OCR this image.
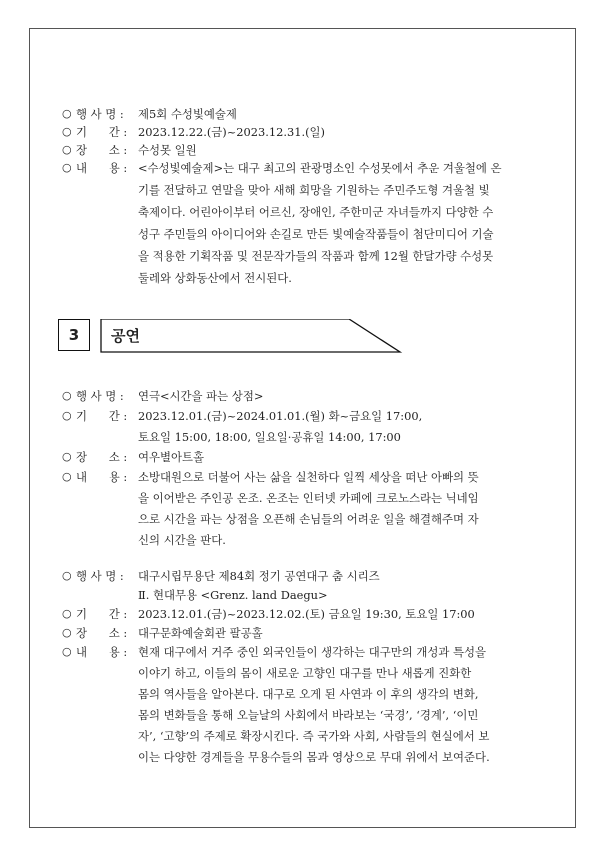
○ 행 사 명 : 제5회 수성빛예술제
○ 기      간 : 2023.12.22.(금)~2023.12.31.(일)
○ 장      소 : 수성못 일원
○ 내      용 : <수성빛예술제>는 대구 최고의 관광명소인 수성못에서 추운 겨울철에 온
기를 전달하고 연말을 맞아 새해 희망을 기원하는 주민주도형 겨울철 빛
축제이다. 어린아이부터 어르신, 장애인, 주한미군 자녀들까지 다양한 수
성구 주민들의 아이디어와 손길로 만든 빛예술작품들이 첨단미디어 기술
을 적용한 기획작품 및 전문작가들의 작품과 함께 12월 한달가량 수성못
둘레와 상화동산에서 전시된다.
3	공연
○ 행 사 명 : 연극<시간을 파는 상점>
○ 기      간 : 2023.12.01.(금)~2024.01.01.(월) 화~금요일 17:00,
토요일 15:00, 18:00, 일요일·공휴일 14:00, 17:00
○ 장      소 : 여우별아트홀
○ 내      용 : 소방대원으로 더불어 사는 삶을 실천하다 일찍 세상을 떠난 아빠의 뜻
을 이어받은 주인공 온조. 온조는 인터넷 카페에 크로노스라는 닉네임
으로 시간을 파는 상점을 오픈해 손님들의 어려운 일을 해결해주며 자
신의 시간을 판다.
○ 행 사 명 : 대구시립무용단 제84회 정기 공연대구 춤 시리즈
Ⅱ. 현대무용 <Grenz. land Daegu>
○ 기      간 : 2023.12.01.(금)~2023.12.02.(토) 금요일 19:30, 토요일 17:00
○ 장      소 : 대구문화예술회관 팔공홀
○ 내      용 : 현재 대구에서 거주 중인 외국인들이 생각하는 대구만의 개성과 특성을
이야기 하고, 이들의 몸이 새로운 고향인 대구를 만나 새롭게 진화한
몸의 역사들을 알아본다. 대구로 오게 된 사연과 이 후의 생각의 변화,
몸의 변화들을 통해 오늘날의 사회에서 바라보는 ‘국경’, ‘경계’, ‘이민
자’, ‘고향’의 주제로 확장시킨다. 즉 국가와 사회, 사람들의 현실에서 보
이는 다양한 경계들을 무용수들의 몸과 영상으로 무대 위에서 보여준다.
